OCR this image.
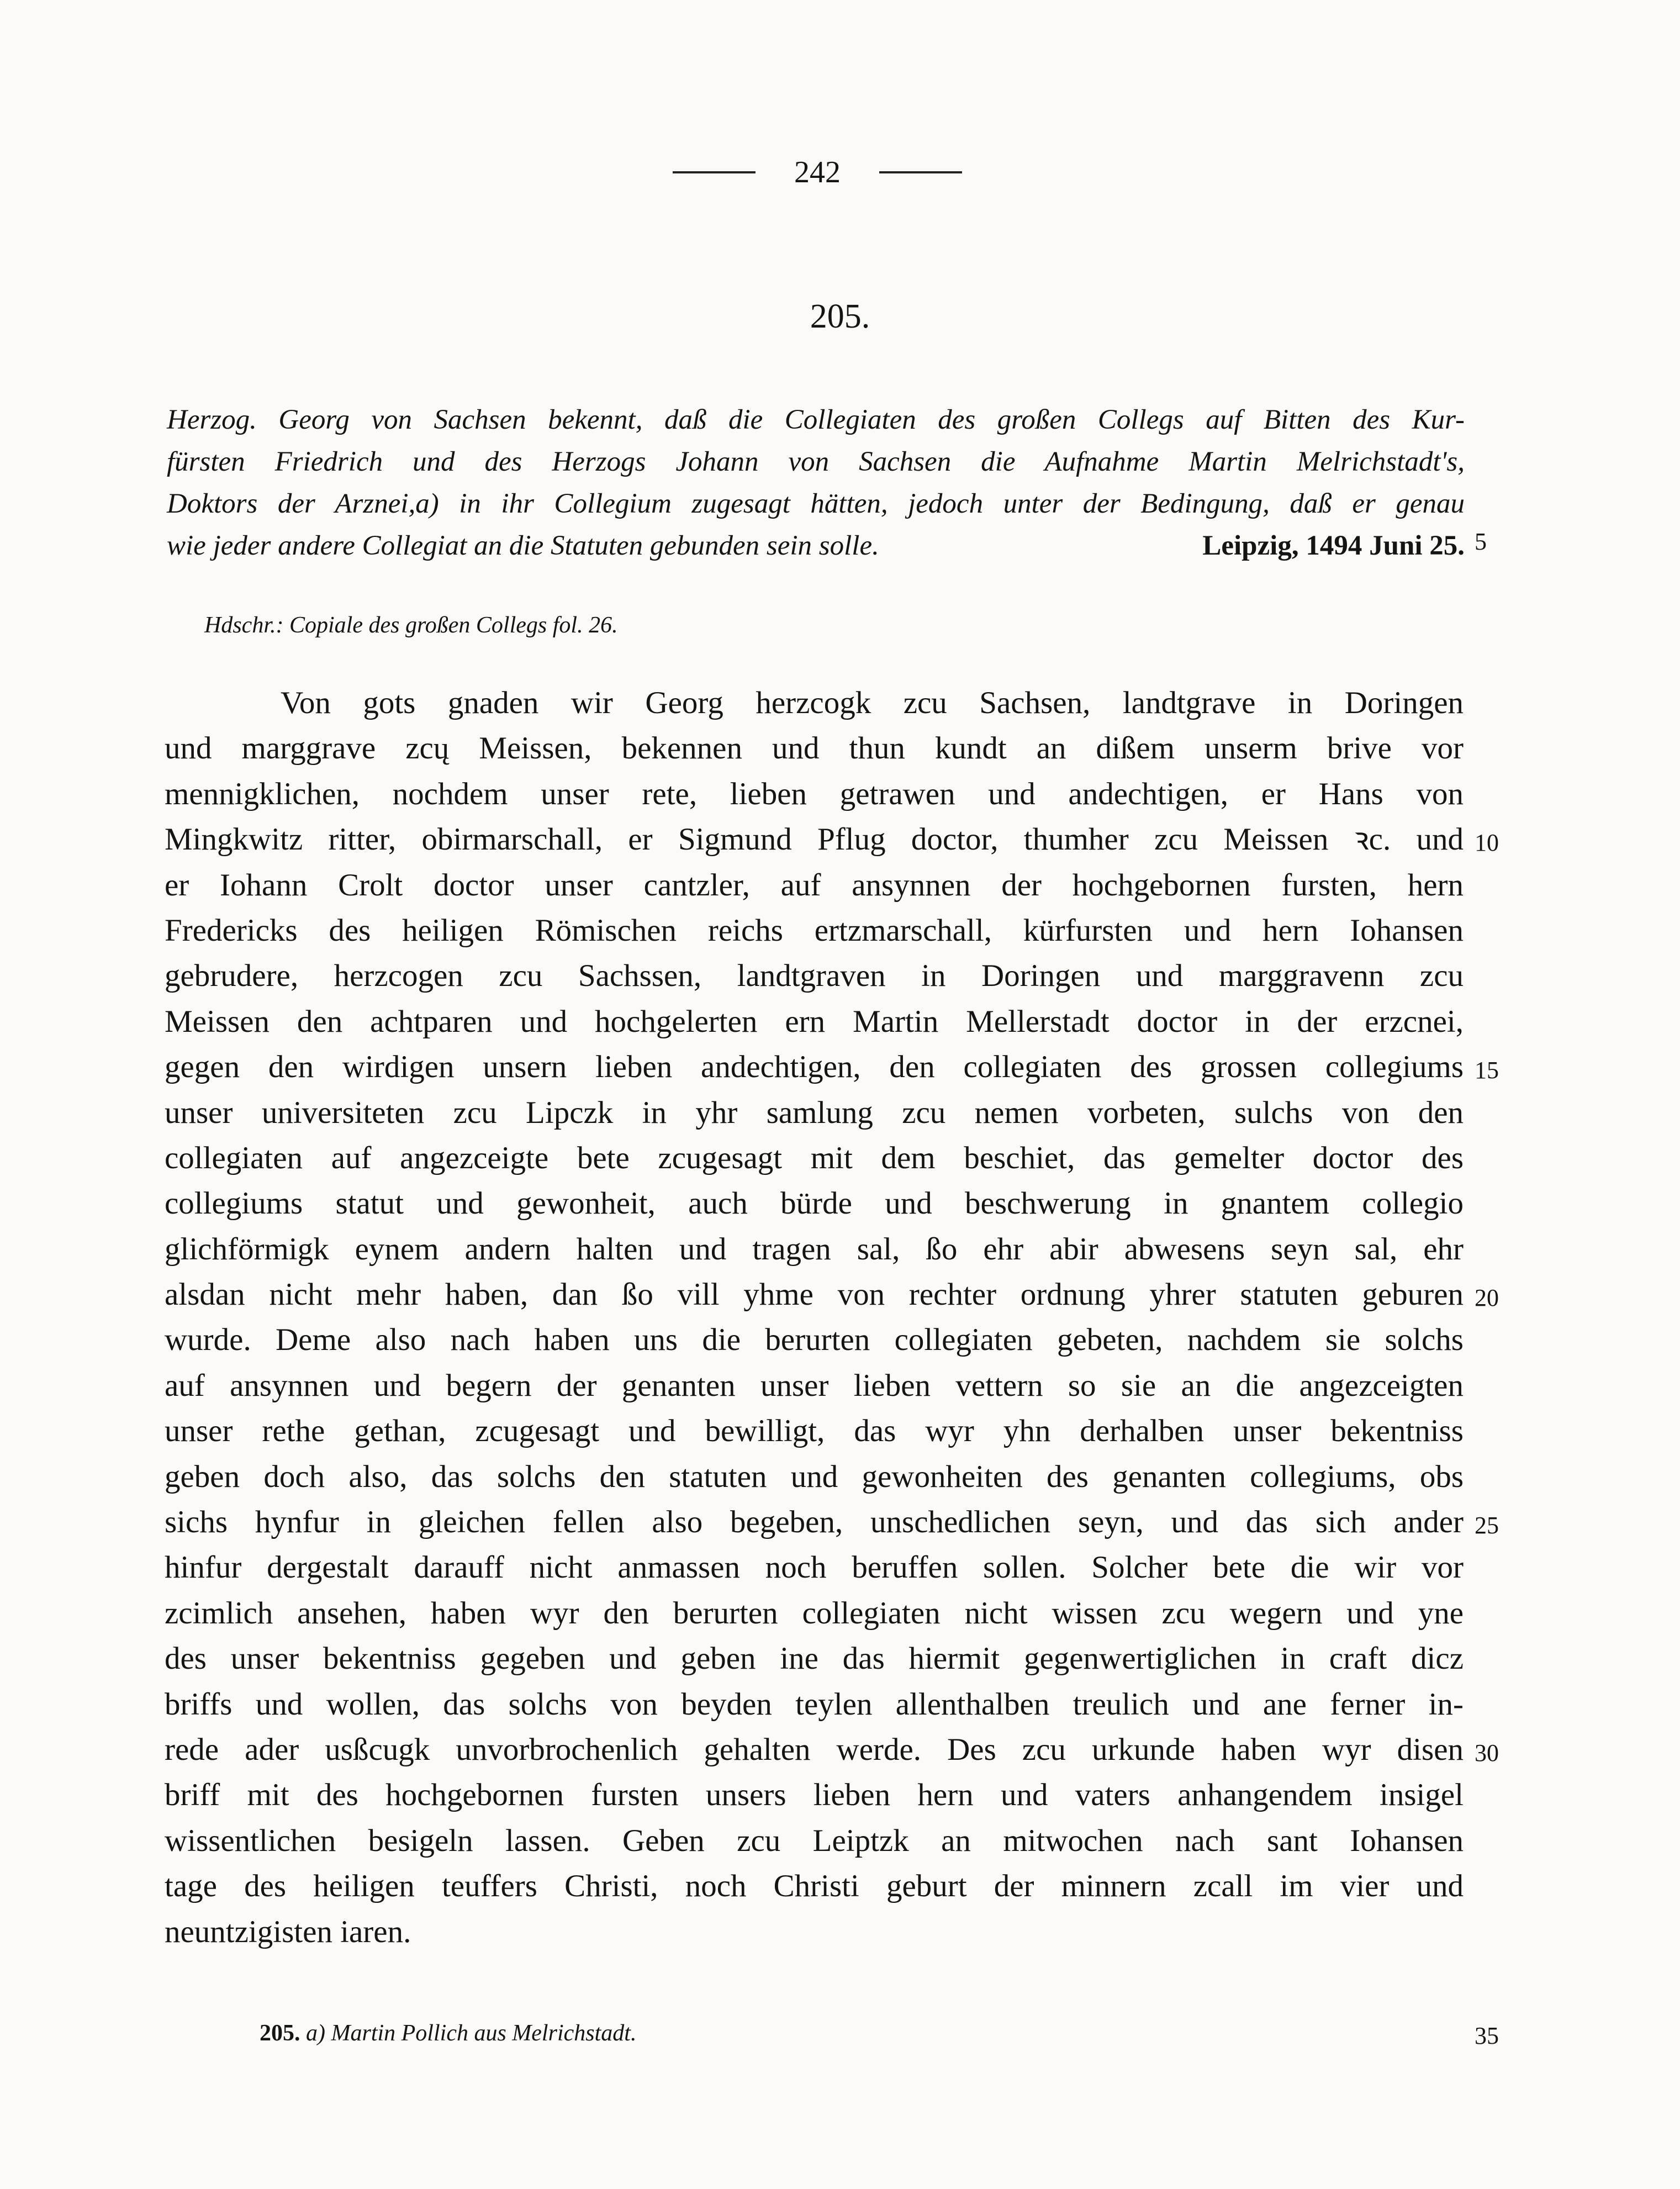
242
205.
Herzog. Georg von Sachsen bekennt, daß die Collegiaten des großen Collegs auf Bitten des Kur-
fürsten Friedrich und des Herzogs Johann von Sachsen die Aufnahme Martin Melrichstadt's,
Doktors der Arznei,a) in ihr Collegium zugesagt hätten, jedoch unter der Bedingung, daß er genau
wie jeder andere Collegiat an die Statuten gebunden sein solle.	Leipzig, 1494 Juni 25. 5
Hdschr.: Copiale des großen Collegs fol. 26.
Von gots gnaden wir Georg herzcogk zcu Sachsen, landtgrave in Doringen
und marggrave zcų Meissen, bekennen und thun kundt an dißem unserm brive vor
mennigklichen, nochdem unser rete, lieben getrawen und andechtigen, er Hans von
Mingkwitz ritter, obirmarschall, er Sigmund Pflug doctor, thumher zcu Meissen ꝛc. und
er Iohann Crolt doctor unser cantzler, auf ansynnen der hochgebornen fursten, hern
Fredericks des heiligen Römischen reichs ertzmarschall, kürfursten und hern Iohansen
gebrudere, herzcogen zcu Sachssen, landtgraven in Doringen und marggravenn zcu
Meissen den achtparen und hochgelerten ern Martin Mellerstadt doctor in der erzcnei,
gegen den wirdigen unsern lieben andechtigen, den collegiaten des grossen collegiums
unser universiteten zcu Lipczk in yhr samlung zcu nemen vorbeten, sulchs von den
collegiaten auf angezceigte bete zcugesagt mit dem beschiet, das gemelter doctor des
collegiums statut und gewonheit, auch bürde und beschwerung in gnantem collegio
glichförmigk eynem andern halten und tragen sal, ßo ehr abir abwesens seyn sal, ehr
alsdan nicht mehr haben, dan ßo vill yhme von rechter ordnung yhrer statuten geburen
wurde. Deme also nach haben uns die berurten collegiaten gebeten, nachdem sie solchs
auf ansynnen und begern der genanten unser lieben vettern so sie an die angezceigten
unser rethe gethan, zcugesagt und bewilligt, das wyr yhn derhalben unser bekentniss
geben doch also, das solchs den statuten und gewonheiten des genanten collegiums, obs
sichs hynfur in gleichen fellen also begeben, unschedlichen seyn, und das sich ander
hinfur dergestalt darauff nicht anmassen noch beruffen sollen. Solcher bete die wir vor
zcimlich ansehen, haben wyr den berurten collegiaten nicht wissen zcu wegern und yne
des unser bekentniss gegeben und geben ine das hiermit gegenwertiglichen in craft dicz
briffs und wollen, das solchs von beyden teylen allenthalben treulich und ane ferner in-
rede ader usßcugk unvorbrochenlich gehalten werde. Des zcu urkunde haben wyr disen
briff mit des hochgebornen fursten unsers lieben hern und vaters anhangendem insigel
wissentlichen besigeln lassen. Geben zcu Leiptzk an mitwochen nach sant Iohansen
tage des heiligen teuffers Christi, noch Christi geburt der minnern zcall im vier und
neuntzigisten iaren.
10
15
20
25
30
205. a) Martin Pollich aus Melrichstadt.	35
